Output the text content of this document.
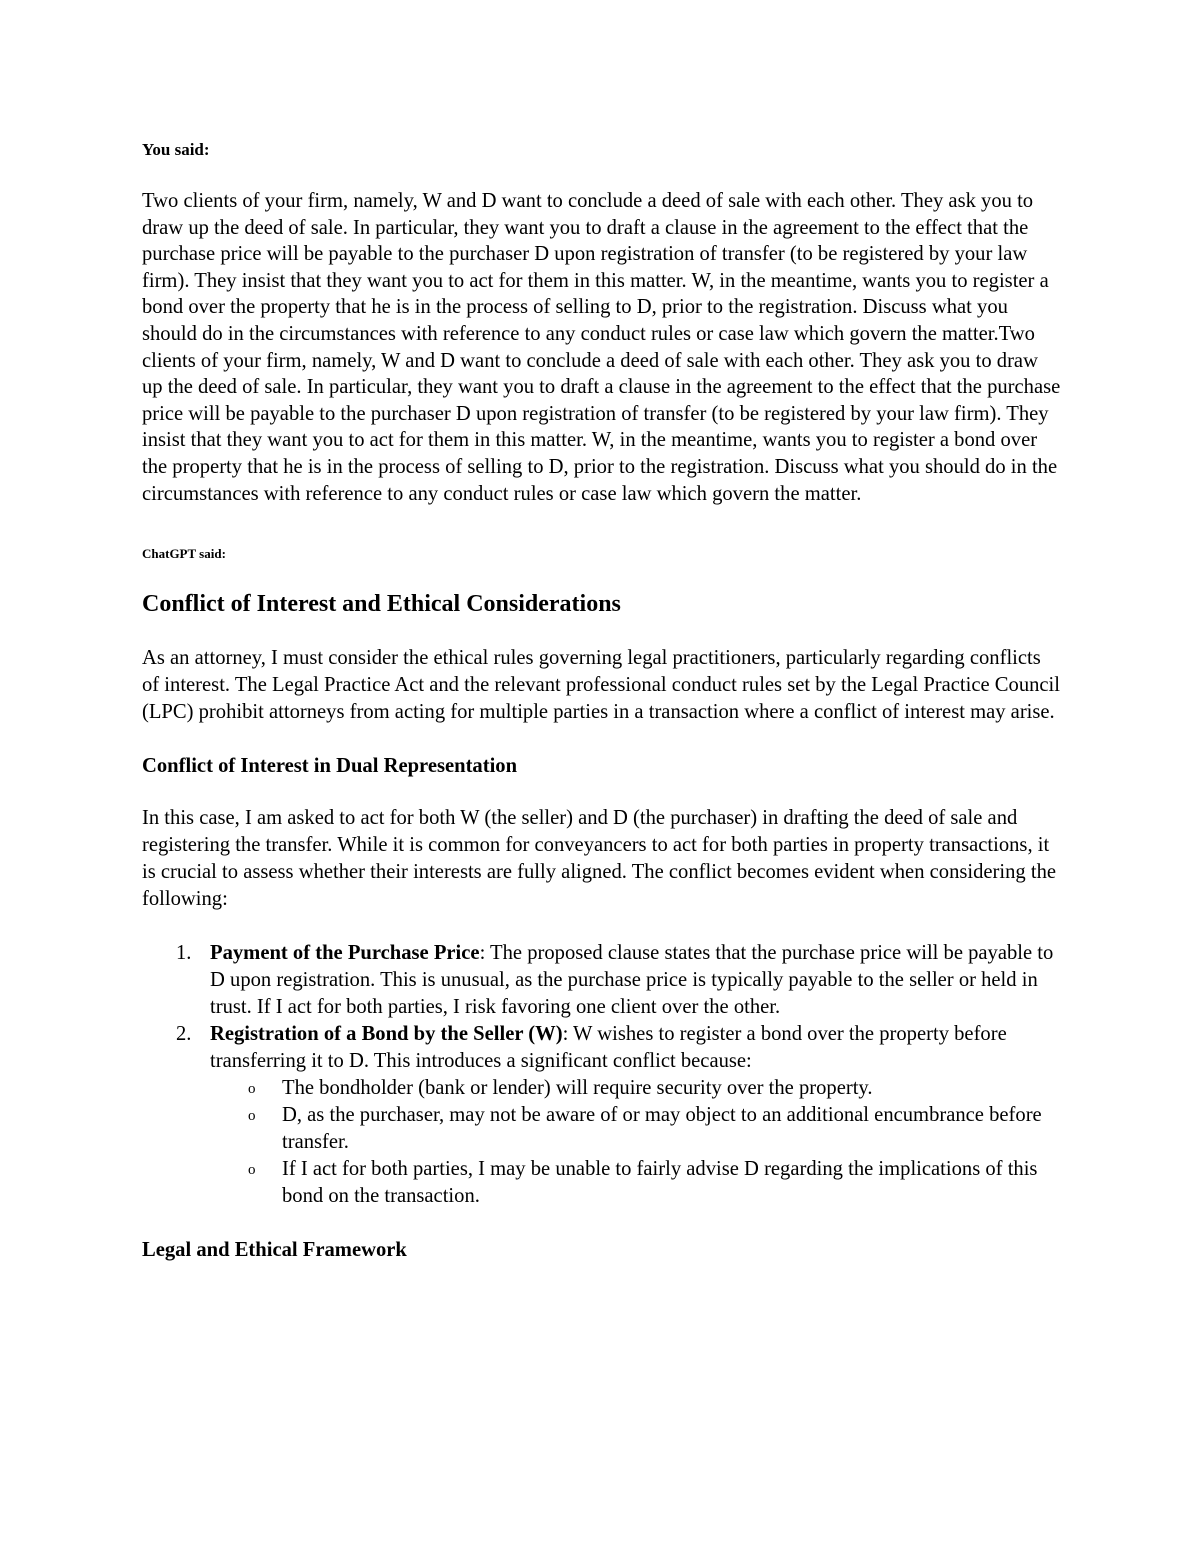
You said:

Two clients of your firm, namely, W and D want to conclude a deed of sale with each other. They ask you to draw up the deed of sale. In particular, they want you to draft a clause in the agreement to the effect that the purchase price will be payable to the purchaser D upon registration of transfer (to be registered by your law firm). They insist that they want you to act for them in this matter. W, in the meantime, wants you to register a bond over the property that he is in the process of selling to D, prior to the registration. Discuss what you should do in the circumstances with reference to any conduct rules or case law which govern the matter.Two clients of your firm, namely, W and D want to conclude a deed of sale with each other. They ask you to draw up the deed of sale. In particular, they want you to draft a clause in the agreement to the effect that the purchase price will be payable to the purchaser D upon registration of transfer (to be registered by your law firm). They insist that they want you to act for them in this matter. W, in the meantime, wants you to register a bond over the property that he is in the process of selling to D, prior to the registration. Discuss what you should do in the circumstances with reference to any conduct rules or case law which govern the matter.

ChatGPT said:

Conflict of Interest and Ethical Considerations

As an attorney, I must consider the ethical rules governing legal practitioners, particularly regarding conflicts of interest. The Legal Practice Act and the relevant professional conduct rules set by the Legal Practice Council (LPC) prohibit attorneys from acting for multiple parties in a transaction where a conflict of interest may arise.

Conflict of Interest in Dual Representation

In this case, I am asked to act for both W (the seller) and D (the purchaser) in drafting the deed of sale and registering the transfer. While it is common for conveyancers to act for both parties in property transactions, it is crucial to assess whether their interests are fully aligned. The conflict becomes evident when considering the following:

1. Payment of the Purchase Price: The proposed clause states that the purchase price will be payable to D upon registration. This is unusual, as the purchase price is typically payable to the seller or held in trust. If I act for both parties, I risk favoring one client over the other.
2. Registration of a Bond by the Seller (W): W wishes to register a bond over the property before transferring it to D. This introduces a significant conflict because:
o The bondholder (bank or lender) will require security over the property.
o D, as the purchaser, may not be aware of or may object to an additional encumbrance before transfer.
o If I act for both parties, I may be unable to fairly advise D regarding the implications of this bond on the transaction.
Legal and Ethical Framework
